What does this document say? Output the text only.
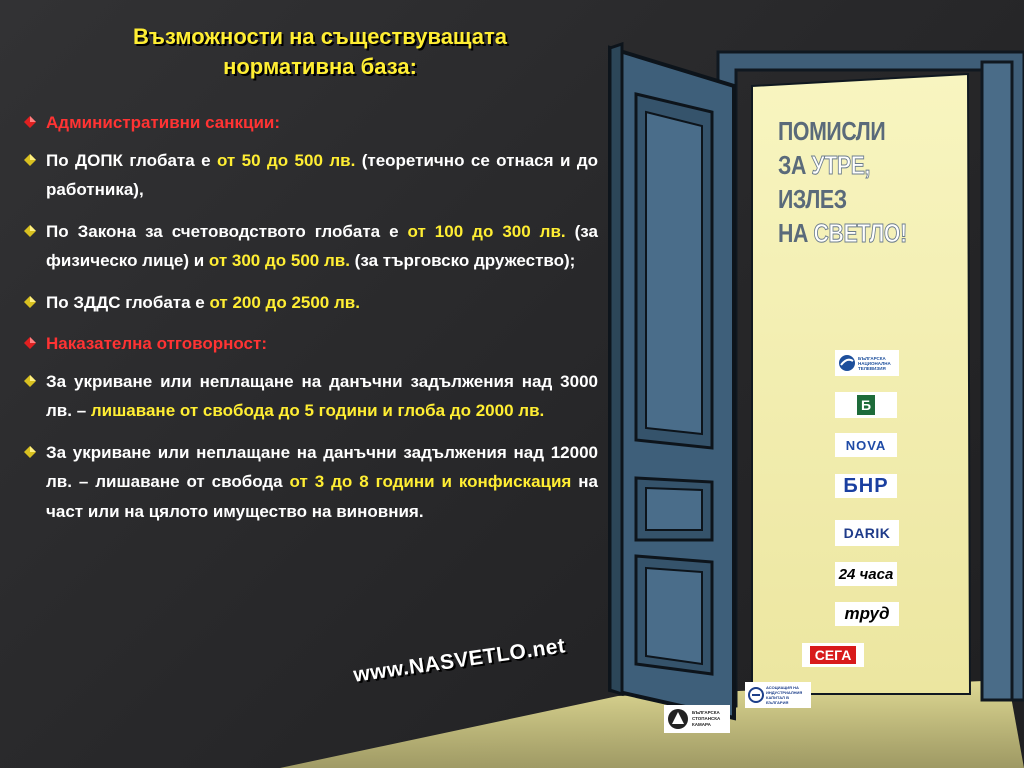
Възможности на съществуващата
нормативна база:
Административни санкции:
По ДОПК глобата е от 50 до 500 лв. (теоретично се отнася и до работника),
По Закона за счетоводството глобата е от 100 до 300 лв. (за физическо лице) и от 300 до 500 лв. (за търговско дружество);
По ЗДДС глобата е от 200 до 2500 лв.
Наказателна отговорност:
За укриване или неплащане на данъчни задължения над 3000 лв. – лишаване от свобода до 5 години и глоба до 2000 лв.
За укриване или неплащане на данъчни задължения над 12000 лв. – лишаване от свобода от 3 до 8 години и конфискация на част или на цялото имущество на виновния.
ПОМИСЛИ
ЗА УТРЕ,
ИЗЛЕЗ
НА СВЕТЛО!
БЪЛГАРСКА НАЦИОНАЛНА ТЕЛЕВИЗИЯ
Б
NOVA
БНР
DARIK
24 часа
труд
СЕГА
АСОЦИАЦИЯ НА ИНДУСТРИАЛНИЯ КАПИТАЛ В БЪЛГАРИЯ
БЪЛГАРСКА СТОПАНСКА КАМАРА
www.NASVETLO.net
